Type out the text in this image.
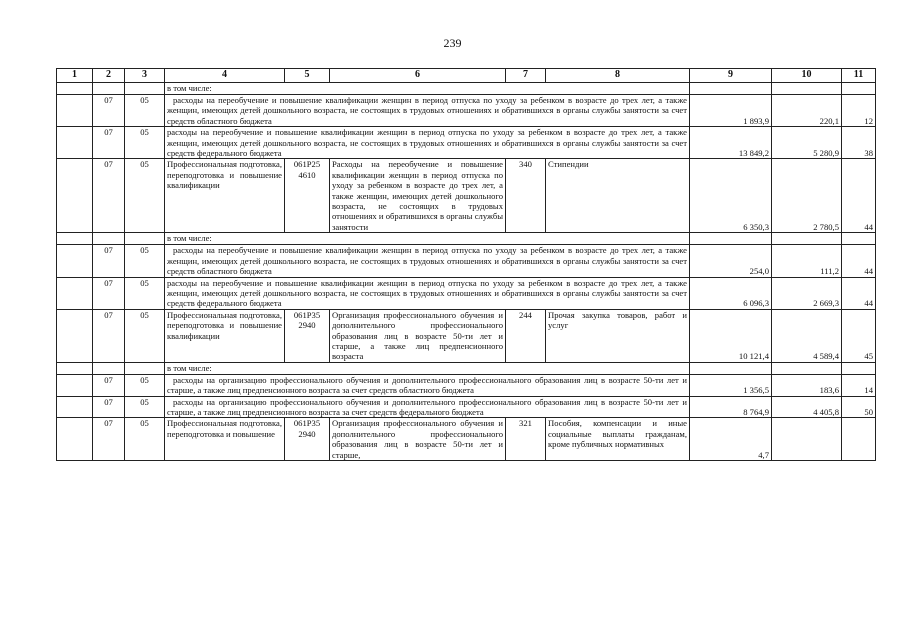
239
1	2	3	4	5	6	7	8	9	10	11
			в том числе:							
	07	05	расходы на переобучение и повышение квалификации женщин в период отпуска по уходу за ребенком в возрасте до трех лет, а также женщин, имеющих детей дошкольного возраста, не состоящих в трудовых отношениях и обратившихся в органы службы занятости за счет средств областного бюджета					1 893,9	220,1	12
	07	05	расходы на переобучение и повышение квалификации женщин в период отпуска по уходу за ребенком в возрасте до трех лет, а также женщин, имеющих детей дошкольного возраста, не состоящих в трудовых отношениях и обратившихся в органы службы занятости за счет средств федерального бюджета					13 849,2	5 280,9	38
	07	05	Профессиональная подготовка, переподготовка и повышение квалификации	061Р25 4610	Расходы на переобучение и повышение квалификации женщин в период отпуска по уходу за ребенком в возрасте до трех лет, а также женщин, имеющих детей дошкольного возраста, не состоящих в трудовых отношениях и обратившихся в органы службы занятости	340	Стипендии	6 350,3	2 780,5	44
			в том числе:							
	07	05	расходы на переобучение и повышение квалификации женщин в период отпуска по уходу за ребенком в возрасте до трех лет, а также женщин, имеющих детей дошкольного возраста, не состоящих в трудовых отношениях и обратившихся в органы службы занятости за счет средств областного бюджета					254,0	111,2	44
	07	05	расходы на переобучение и повышение квалификации женщин в период отпуска по уходу за ребенком в возрасте до трех лет, а также женщин, имеющих детей дошкольного возраста, не состоящих в трудовых отношениях и обратившихся в органы службы занятости за счет средств федерального бюджета					6 096,3	2 669,3	44
	07	05	Профессиональная подготовка, переподготовка и повышение квалификации	061Р35 2940	Организация профессионального обучения и дополнительного профессионального образования лиц в возрасте 50-ти лет и старше, а также лиц предпенсионного возраста	244	Прочая закупка товаров, работ и услуг	10 121,4	4 589,4	45
			в том числе:							
	07	05	расходы на организацию профессионального обучения и дополнительного профессионального образования лиц в возрасте 50-ти лет и старше, а также лиц предпенсионного возраста за счет средств областного бюджета					1 356,5	183,6	14
	07	05	расходы на организацию профессионального обучения и дополнительного профессионального образования лиц в возрасте 50-ти лет и старше, а также лиц предпенсионного возраста за счет средств федерального бюджета					8 764,9	4 405,8	50
	07	05	Профессиональная подготовка, переподготовка и повышение	061Р35 2940	Организация профессионального обучения и дополнительного профессионального образования лиц в возрасте 50-ти лет и старше,	321	Пособия, компенсации и иные социальные выплаты гражданам, кроме публичных нормативных	4,7		
